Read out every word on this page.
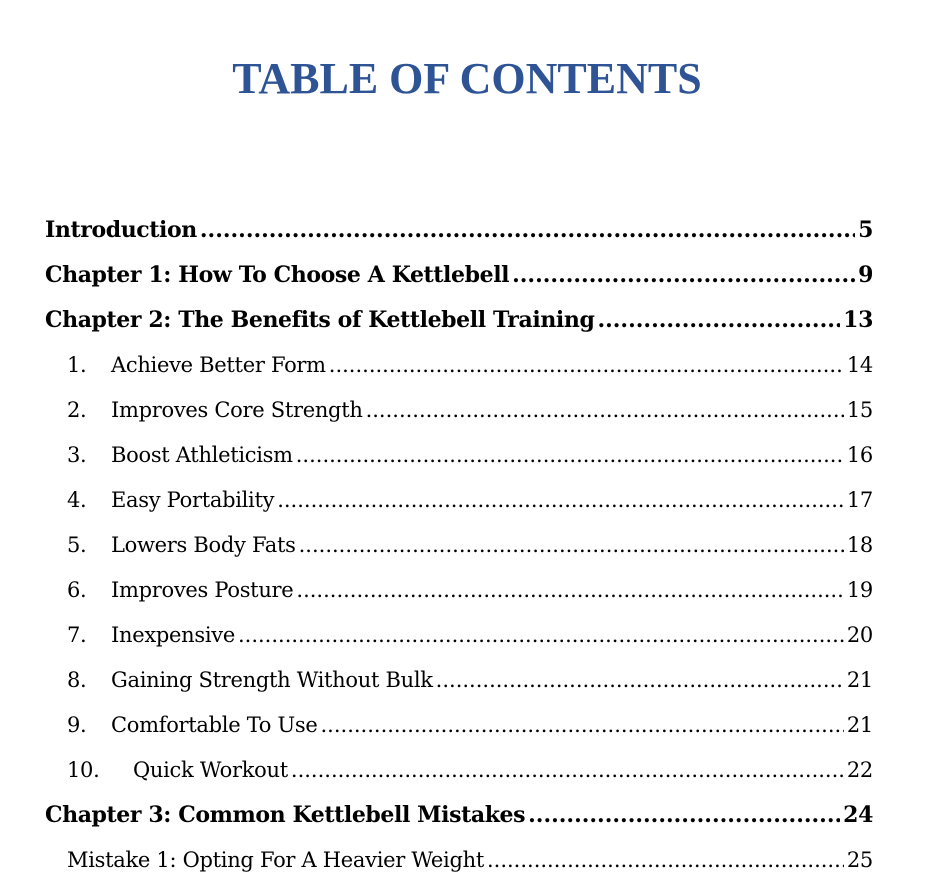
TABLE OF CONTENTS
Introduction .....	5
Chapter 1: How To Choose A Kettlebell .....	9
Chapter 2: The Benefits of Kettlebell Training .....	13
1.	Achieve Better Form .....	14
2.	Improves Core Strength .....	15
3.	Boost Athleticism .....	16
4.	Easy Portability .....	17
5.	Lowers Body Fats .....	18
6.	Improves Posture .....	19
7.	Inexpensive .....	20
8.	Gaining Strength Without Bulk .....	21
9.	Comfortable To Use .....	21
10.	Quick Workout .....	22
Chapter 3: Common Kettlebell Mistakes .....	24
Mistake 1: Opting For A Heavier Weight .....	25
